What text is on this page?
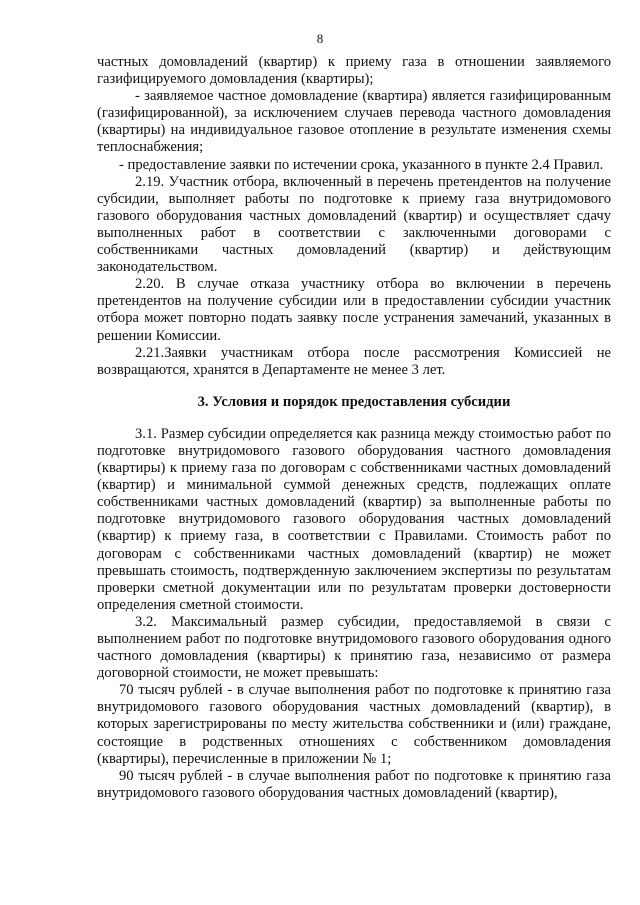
8

частных домовладений (квартир) к приему газа в отношении заявляемого газифицируемого домовладения (квартиры);

- заявляемое частное домовладение (квартира) является газифицированным (газифицированной), за исключением случаев перевода частного домовладения (квартиры) на индивидуальное газовое отопление в результате изменения схемы теплоснабжения;

- предоставление заявки по истечении срока, указанного в пункте 2.4 Правил.

2.19. Участник отбора, включенный в перечень претендентов на получение субсидии, выполняет работы по подготовке к приему газа внутридомового газового оборудования частных домовладений (квартир) и осуществляет сдачу выполненных работ в соответствии с заключенными договорами с собственниками частных домовладений (квартир) и действующим законодательством.

2.20. В случае отказа участнику отбора во включении в перечень претендентов на получение субсидии или в предоставлении субсидии участник отбора может повторно подать заявку после устранения замечаний, указанных в решении Комиссии.

2.21.Заявки участникам отбора после рассмотрения Комиссией не возвращаются, хранятся в Департаменте не менее 3 лет.

3. Условия и порядок предоставления субсидии

3.1. Размер субсидии определяется как разница между стоимостью работ по подготовке внутридомового газового оборудования частного домовладения (квартиры) к приему газа по договорам с собственниками частных домовладений (квартир) и минимальной суммой денежных средств, подлежащих оплате собственниками частных домовладений (квартир) за выполненные работы по подготовке внутридомового газового оборудования частных домовладений (квартир) к приему газа, в соответствии с Правилами. Стоимость работ по договорам с собственниками частных домовладений (квартир) не может превышать стоимость, подтвержденную заключением экспертизы по результатам проверки сметной документации или по результатам проверки достоверности определения сметной стоимости.

3.2. Максимальный размер субсидии, предоставляемой в связи с выполнением работ по подготовке внутридомового газового оборудования одного частного домовладения (квартиры) к принятию газа, независимо от размера договорной стоимости, не может превышать:

70 тысяч рублей - в случае выполнения работ по подготовке к принятию газа внутридомового газового оборудования частных домовладений (квартир), в которых зарегистрированы по месту жительства собственники и (или) граждане, состоящие в родственных отношениях с собственником домовладения (квартиры), перечисленные в приложении № 1;

90 тысяч рублей - в случае выполнения работ по подготовке к принятию газа внутридомового газового оборудования частных домовладений (квартир),
